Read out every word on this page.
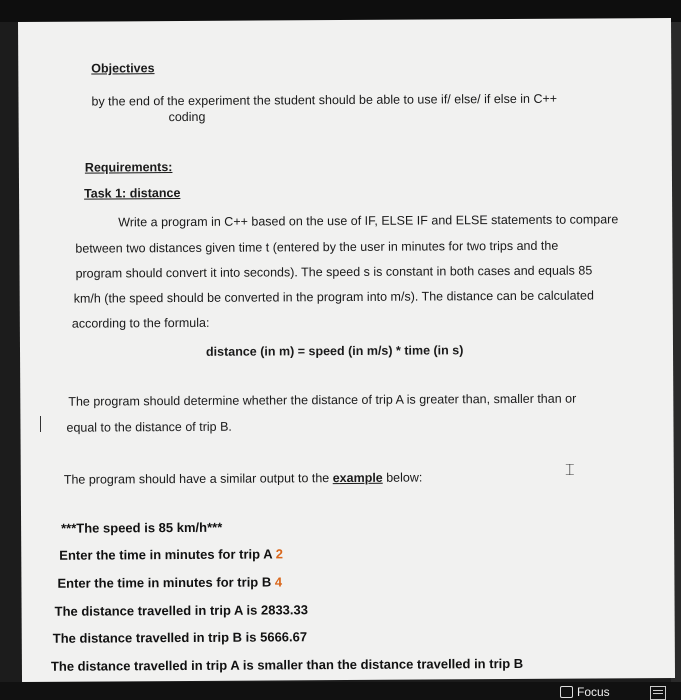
Objectives
by the end of the experiment the student should be able to use if/ else/ if else in C++
coding
Requirements:
Task 1: distance
Write a program in C++ based on the use of IF, ELSE IF and ELSE statements to compare
between two distances given time t (entered by the user in minutes for two trips and the
program should convert it into seconds). The speed s is constant in both cases and equals 85
km/h (the speed should be converted in the program into m/s). The distance can be calculated
according to the formula:
distance (in m) = speed (in m/s) * time (in s)
The program should determine whether the distance of trip A is greater than, smaller than or
equal to the distance of trip B.
The program should have a similar output to the example below:
***The speed is 85 km/h***
Enter the time in minutes for trip A 2
Enter the time in minutes for trip B 4
The distance travelled in trip A is 2833.33
The distance travelled in trip B is 5666.67
The distance travelled in trip A is smaller than the distance travelled in trip B
⌶
Focus
